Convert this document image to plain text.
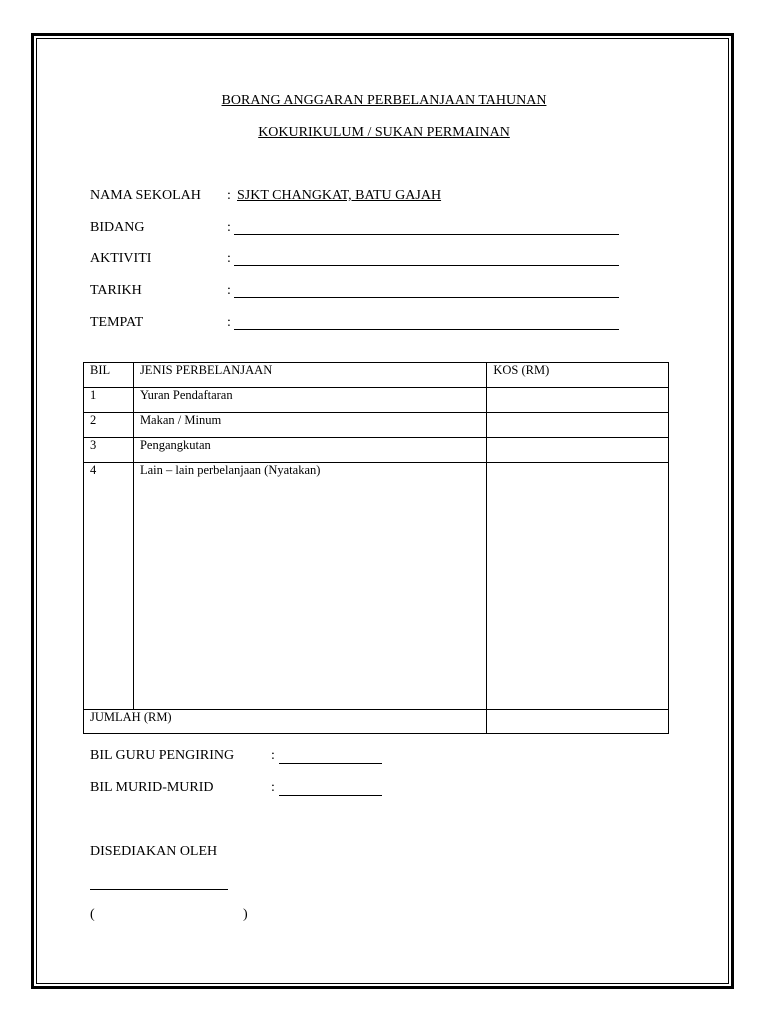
BORANG ANGGARAN PERBELANJAAN TAHUNAN
KOKURIKULUM / SUKAN PERMAINAN
NAMA SEKOLAH : SJKT CHANGKAT, BATU GAJAH
BIDANG	:
AKTIVITI	:
TARIKH	:
TEMPAT	:
BIL	JENIS PERBELANJAAN	KOS (RM)
1	Yuran Pendaftaran	
2	Makan / Minum	
3	Pengangkutan	
4	Lain – lain perbelanjaan (Nyatakan)	
JUMLAH (RM)		
BIL GURU PENGIRING	:
BIL MURID-MURID	:
DISEDIAKAN OLEH
(	)
